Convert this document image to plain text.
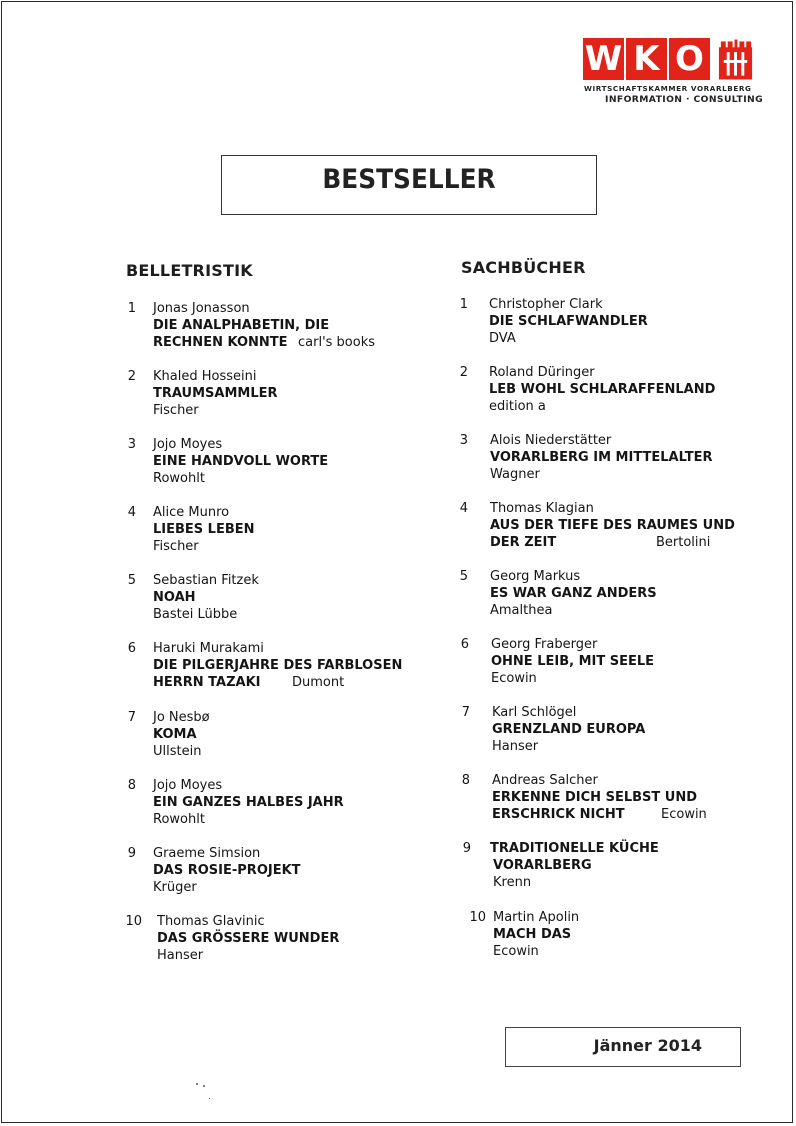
W K O
WIRTSCHAFTSKAMMER VORARLBERG
INFORMATION · CONSULTING
BESTSELLER
BELLETRISTIK	SACHBÜCHER
1 Jonas Jonasson
DIE ANALPHABETIN, DIE
RECHNEN KONNTE carl's books
2 Khaled Hosseini
TRAUMSAMMLER
Fischer
3 Jojo Moyes
EINE HANDVOLL WORTE
Rowohlt
4 Alice Munro
LIEBES LEBEN
Fischer
5 Sebastian Fitzek
NOAH
Bastei Lübbe
6 Haruki Murakami
DIE PILGERJAHRE DES FARBLOSEN
HERRN TAZAKI Dumont
7 Jo Nesbø
KOMA
Ullstein
8 Jojo Moyes
EIN GANZES HALBES JAHR
Rowohlt
9 Graeme Simsion
DAS ROSIE-PROJEKT
Krüger
10 Thomas Glavinic
DAS GRÖSSERE WUNDER
Hanser
1 Christopher Clark
DIE SCHLAFWANDLER
DVA
2 Roland Düringer
LEB WOHL SCHLARAFFENLAND
edition a
3 Alois Niederstätter
VORARLBERG IM MITTELALTER
Wagner
4 Thomas Klagian
AUS DER TIEFE DES RAUMES UND
DER ZEIT	Bertolini
5 Georg Markus
ES WAR GANZ ANDERS
Amalthea
6 Georg Fraberger
OHNE LEIB, MIT SEELE
Ecowin
7 Karl Schlögel
GRENZLAND EUROPA
Hanser
8 Andreas Salcher
ERKENNE DICH SELBST UND
ERSCHRICK NICHT	Ecowin
9 TRADITIONELLE KÜCHE
VORARLBERG
Krenn
10 Martin Apolin
MACH DAS
Ecowin
Jänner 2014
